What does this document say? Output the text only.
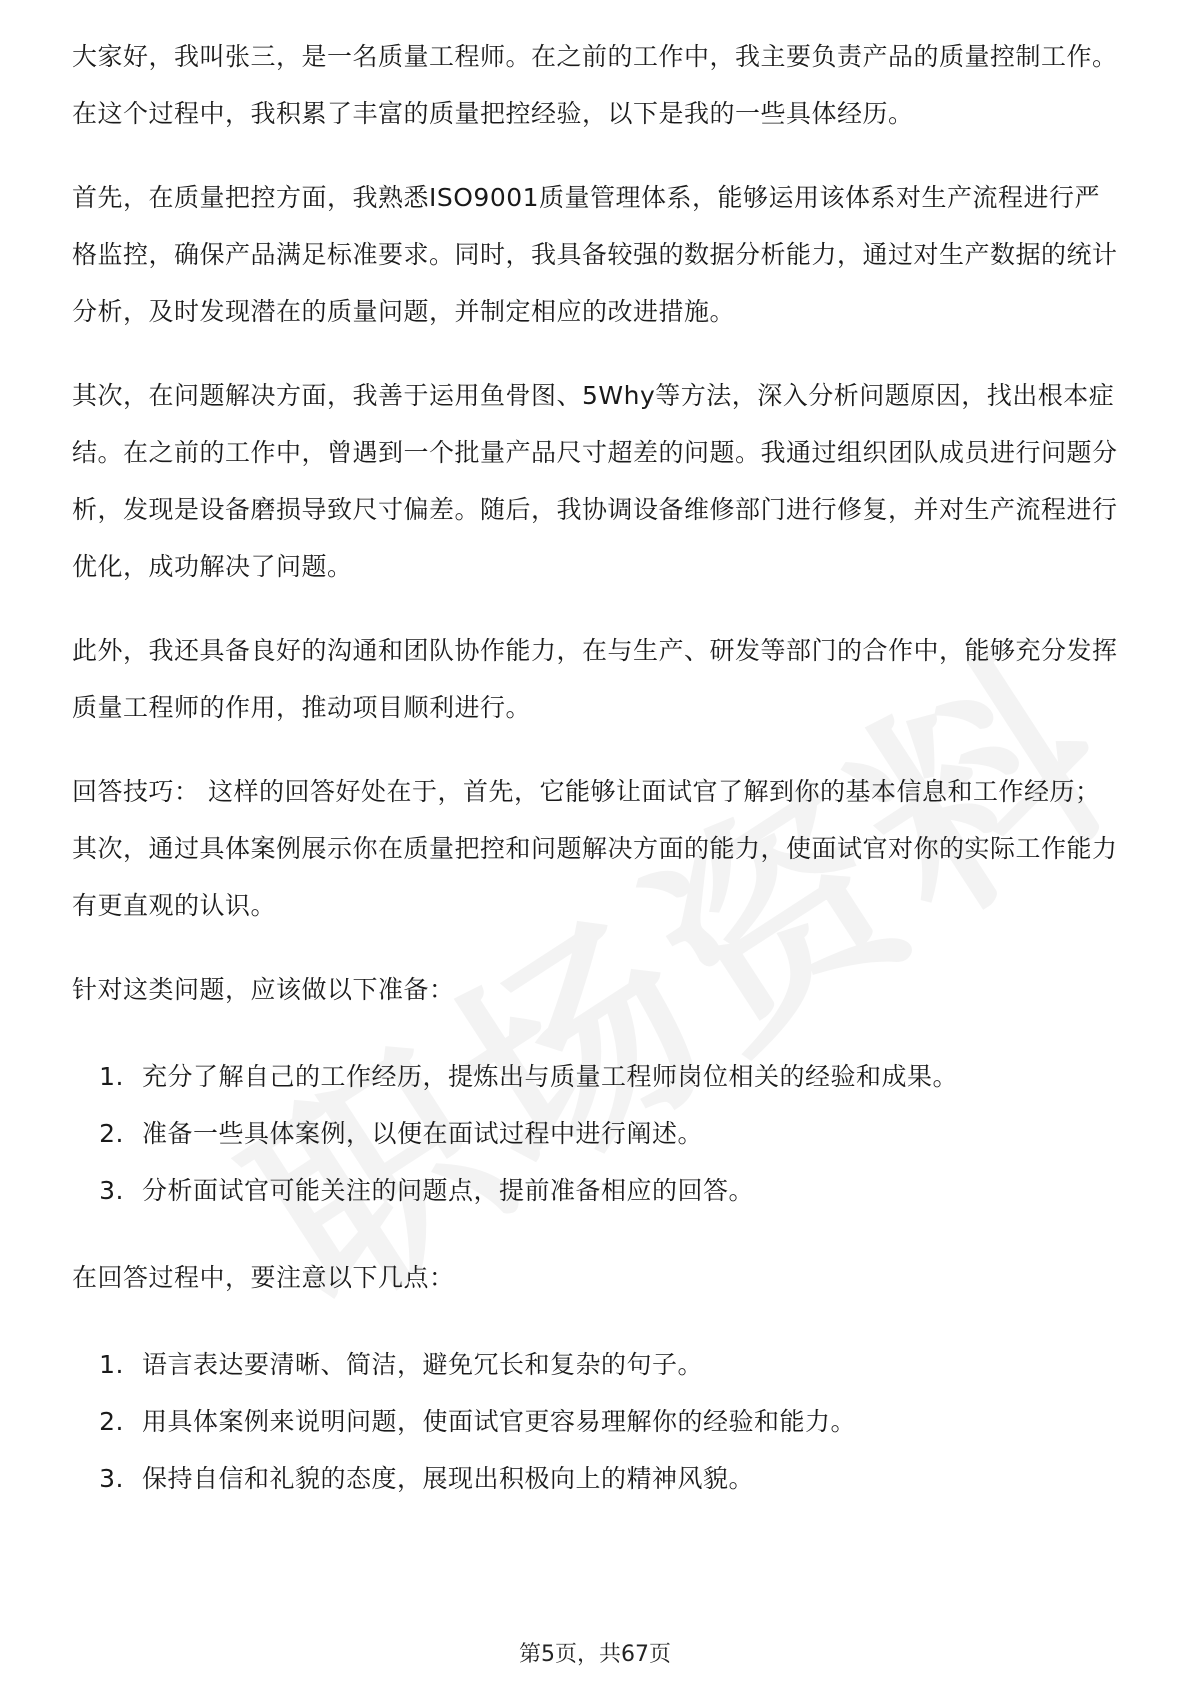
大家好，我叫张三，是一名质量工程师。在之前的工作中，我主要负责产品的质量控制工作。在这个过程中，我积累了丰富的质量把控经验，以下是我的一些具体经历。

首先，在质量把控方面，我熟悉ISO9001质量管理体系，能够运用该体系对生产流程进行严格监控，确保产品满足标准要求。同时，我具备较强的数据分析能力，通过对生产数据的统计分析，及时发现潜在的质量问题，并制定相应的改进措施。

其次，在问题解决方面，我善于运用鱼骨图、5Why等方法，深入分析问题原因，找出根本症结。在之前的工作中，曾遇到一个批量产品尺寸超差的问题。我通过组织团队成员进行问题分析，发现是设备磨损导致尺寸偏差。随后，我协调设备维修部门进行修复，并对生产流程进行优化，成功解决了问题。

此外，我还具备良好的沟通和团队协作能力，在与生产、研发等部门的合作中，能够充分发挥质量工程师的作用，推动项目顺利进行。

回答技巧： 这样的回答好处在于，首先，它能够让面试官了解到你的基本信息和工作经历；其次，通过具体案例展示你在质量把控和问题解决方面的能力，使面试官对你的实际工作能力有更直观的认识。

针对这类问题，应该做以下准备：
1. 充分了解自己的工作经历，提炼出与质量工程师岗位相关的经验和成果。
2. 准备一些具体案例，以便在面试过程中进行阐述。
3. 分析面试官可能关注的问题点，提前准备相应的回答。
在回答过程中，要注意以下几点：
1. 语言表达要清晰、简洁，避免冗长和复杂的句子。
2. 用具体案例来说明问题，使面试官更容易理解你的经验和能力。
3. 保持自信和礼貌的态度，展现出积极向上的精神风貌。
第5页，共67页
